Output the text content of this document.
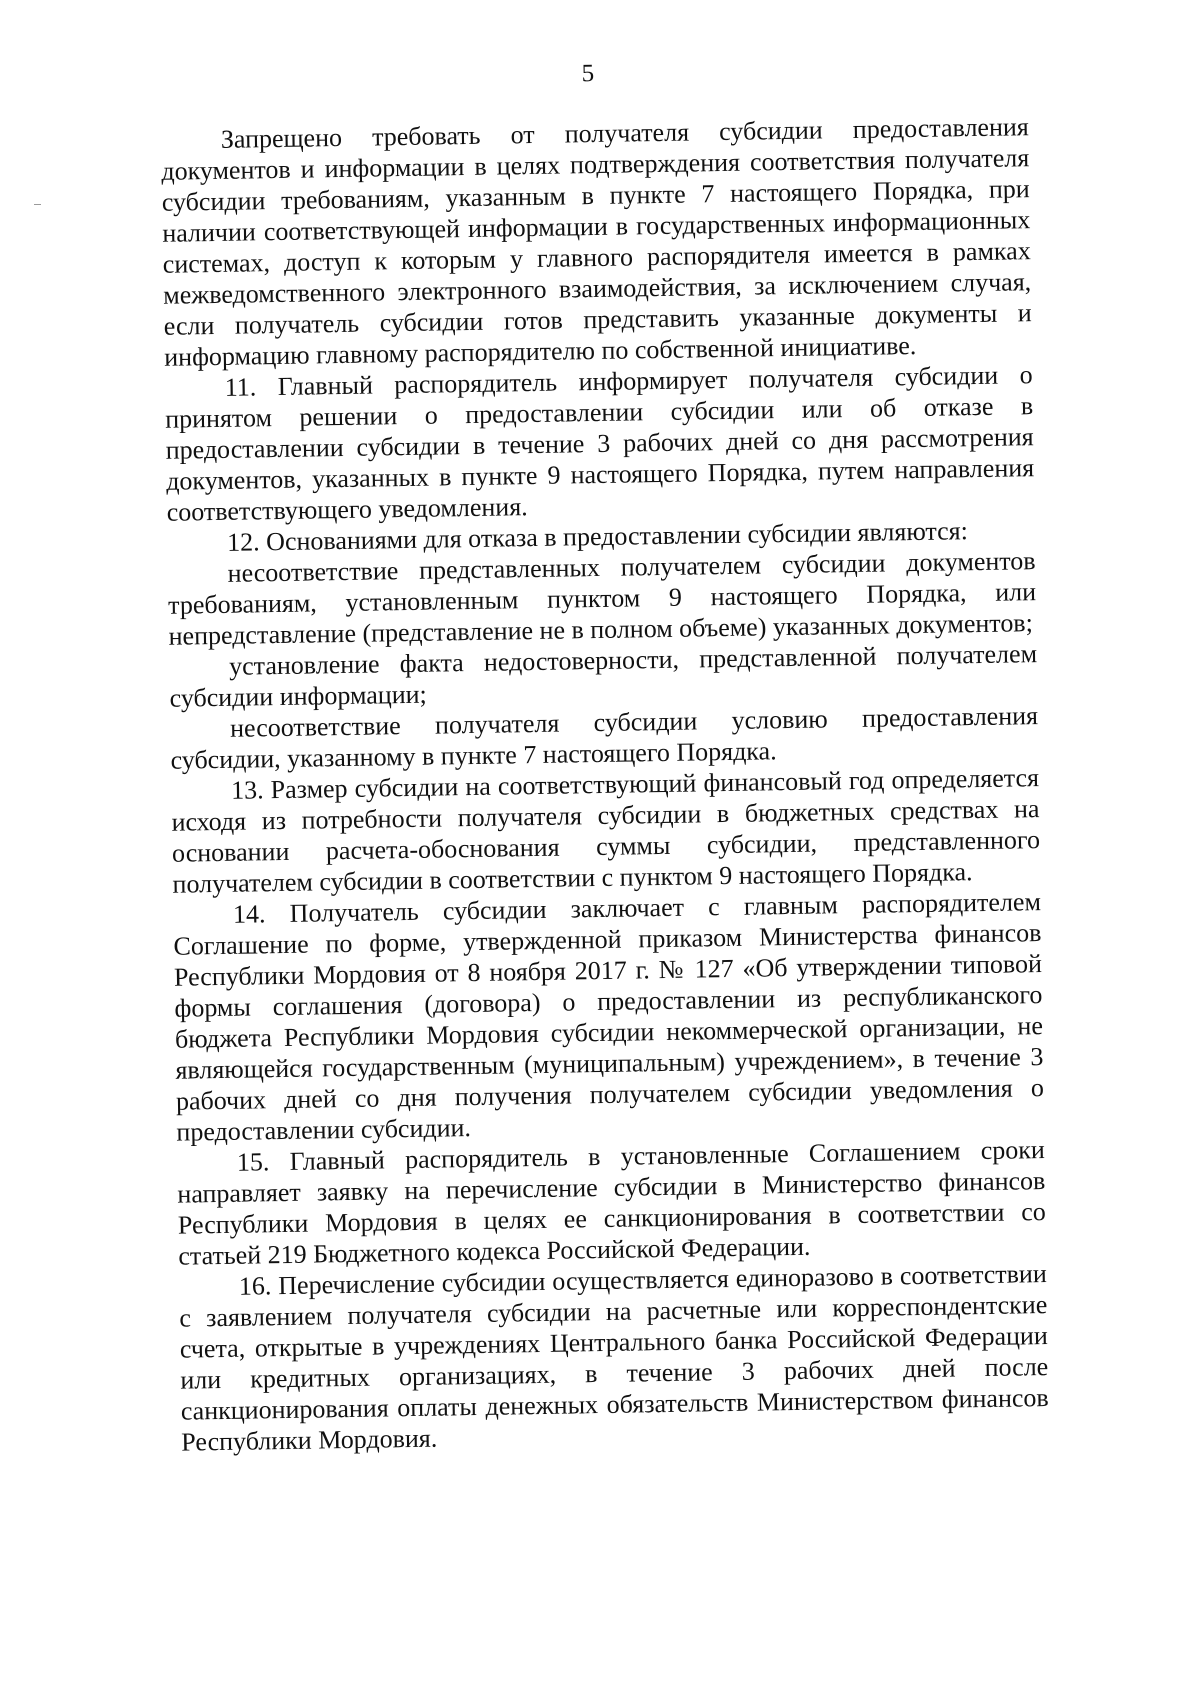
5

Запрещено требовать от получателя субсидии предоставления документов и информации в целях подтверждения соответствия получателя субсидии требованиям, указанным в пункте 7 настоящего Порядка, при наличии соответствующей информации в государственных информационных системах, доступ к которым у главного распорядителя имеется в рамках межведомственного электронного взаимодействия, за исключением случая, если получатель субсидии готов представить указанные документы и информацию главному распорядителю по собственной инициативе.

11. Главный распорядитель информирует получателя субсидии о принятом решении о предоставлении субсидии или об отказе в предоставлении субсидии в течение 3 рабочих дней со дня рассмотрения документов, указанных в пункте 9 настоящего Порядка, путем направления соответствующего уведомления.

12. Основаниями для отказа в предоставлении субсидии являются:

несоответствие представленных получателем субсидии документов требованиям, установленным пунктом 9 настоящего Порядка, или непредставление (представление не в полном объеме) указанных документов;

установление факта недостоверности, представленной получателем субсидии информации;

несоответствие получателя субсидии условию предоставления субсидии, указанному в пункте 7 настоящего Порядка.

13. Размер субсидии на соответствующий финансовый год определяется исходя из потребности получателя субсидии в бюджетных средствах на основании расчета-обоснования суммы субсидии, представленного получателем субсидии в соответствии с пунктом 9 настоящего Порядка.

14. Получатель субсидии заключает с главным распорядителем Соглашение по форме, утвержденной приказом Министерства финансов Республики Мордовия от 8 ноября 2017 г. № 127 «Об утверждении типовой формы соглашения (договора) о предоставлении из республиканского бюджета Республики Мордовия субсидии некоммерческой организации, не являющейся государственным (муниципальным) учреждением», в течение 3 рабочих дней со дня получения получателем субсидии уведомления о предоставлении субсидии.

15. Главный распорядитель в установленные Соглашением сроки направляет заявку на перечисление субсидии в Министерство финансов Республики Мордовия в целях ее санкционирования в соответствии со статьей 219 Бюджетного кодекса Российской Федерации.

16. Перечисление субсидии осуществляется единоразово в соответствии с заявлением получателя субсидии на расчетные или корреспондентские счета, открытые в учреждениях Центрального банка Российской Федерации или кредитных организациях, в течение 3 рабочих дней после санкционирования оплаты денежных обязательств Министерством финансов Республики Мордовия.
